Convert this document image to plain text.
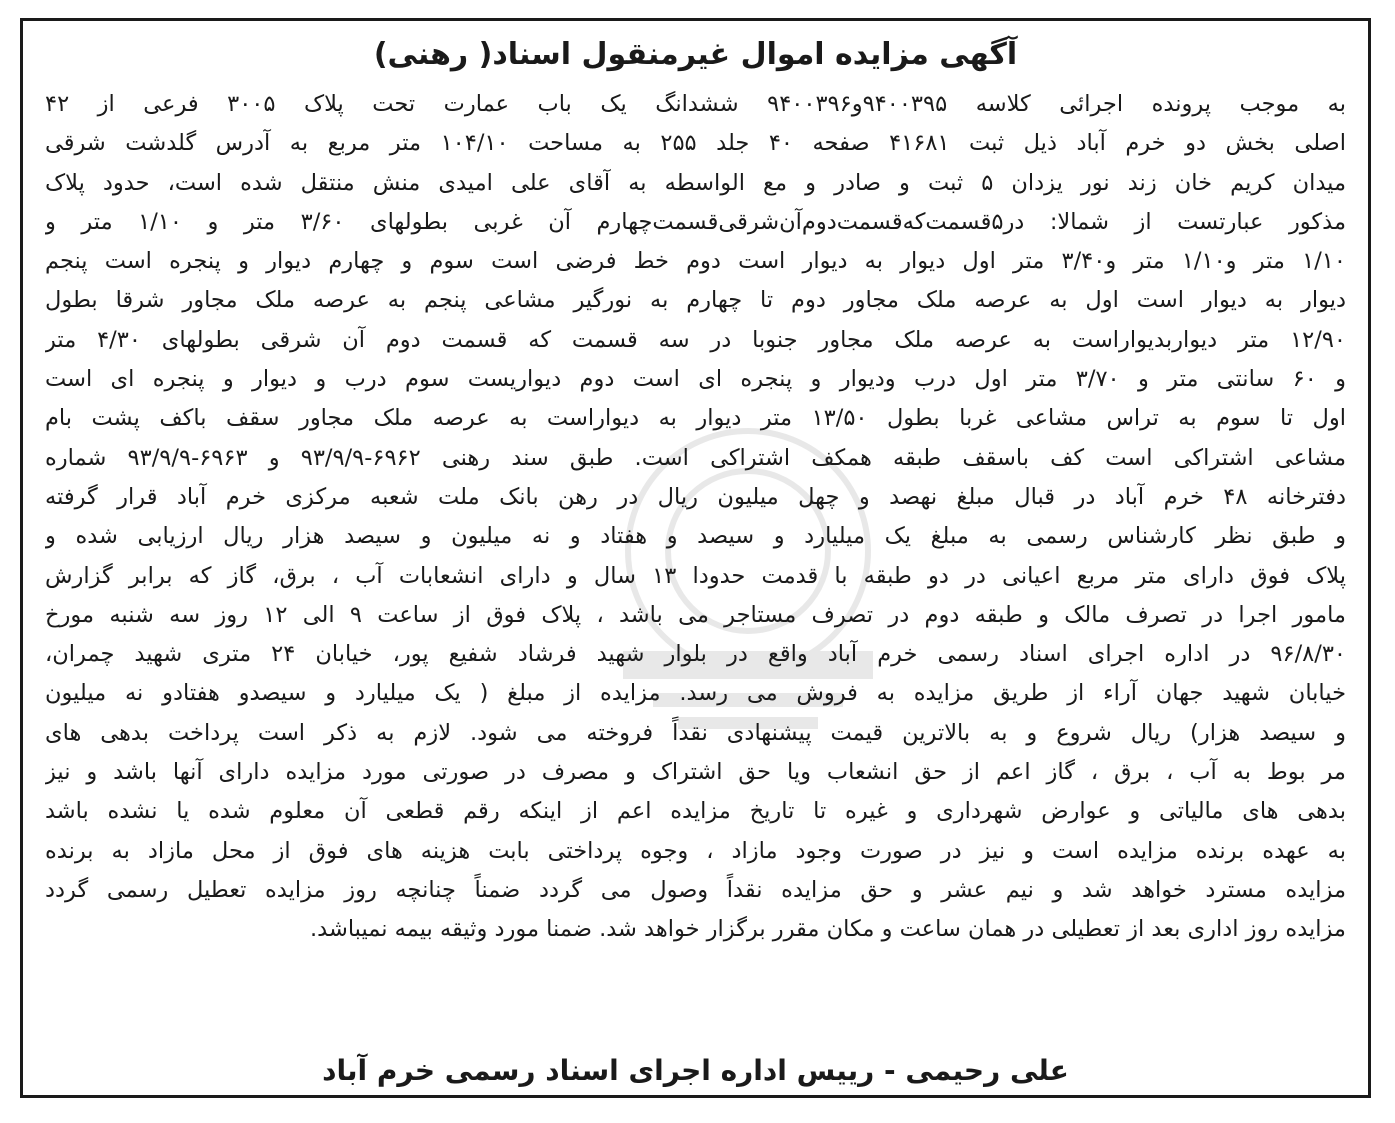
آگهی مزایده اموال غیرمنقول اسناد( رهنی)
به موجب پرونده اجرائی کلاسه ۹۴۰۰۳۹۵و۹۴۰۰۳۹۶ ششدانگ یک باب عمارت تحت پلاک ۳۰۰۵ فرعی از ۴۲
اصلی بخش دو خرم آباد ذیل ثبت ۴۱۶۸۱ صفحه ۴۰ جلد ۲۵۵ به مساحت ۱۰۴/۱۰ متر مربع به آدرس گلدشت شرقی
میدان کریم خان زند نور یزدان ۵ ثبت و صادر و مع الواسطه به آقای علی امیدی منش منتقل شده است، حدود پلاک
مذکور عبارتست از شمالا: در۵قسمت‌که‌قسمت‌دوم‌آن‌شرقی‌قسمت‌چهارم آن غربی بطولهای ۳/۶۰ متر و ۱/۱۰ متر و
۱/۱۰ متر و۱/۱۰ متر و۳/۴۰ متر اول دیوار به دیوار است دوم خط فرضی است سوم و چهارم دیوار و پنجره است پنجم
دیوار به دیوار است اول به عرصه ملک مجاور دوم تا چهارم به نورگیر مشاعی پنجم به عرصه ملک مجاور شرقا بطول
۱۲/۹۰ متر دیواربدیواراست به عرصه ملک مجاور جنوبا در سه قسمت که قسمت دوم آن شرقی بطولهای ۴/۳۰ متر
و ۶۰ سانتی متر و ۳/۷۰ متر اول درب ودیوار و پنجره ای است دوم دیواریست سوم درب و دیوار و پنجره ای است
اول تا سوم به تراس مشاعی غربا بطول ۱۳/۵۰ متر دیوار به دیواراست به عرصه ملک مجاور سقف باکف پشت بام
مشاعی اشتراکی است کف باسقف طبقه همکف اشتراکی است. طبق سند رهنی ۶۹۶۲-۹۳/۹/۹ و ۶۹۶۳-۹۳/۹/۹ شماره
دفترخانه ۴۸ خرم آباد در قبال مبلغ نهصد و چهل میلیون ریال در رهن بانک ملت شعبه مرکزی خرم آباد قرار گرفته
و طبق نظر کارشناس رسمی به مبلغ یک میلیارد و سیصد و هفتاد و نه میلیون و سیصد هزار ریال ارزیابی شده و
پلاک فوق دارای متر مربع اعیانی در دو طبقه با قدمت حدودا ۱۳ سال و دارای انشعابات آب ، برق، گاز که برابر گزارش
مامور اجرا در تصرف مالک و طبقه دوم در تصرف مستاجر می باشد ، پلاک فوق از ساعت ۹ الی ۱۲ روز سه شنبه مورخ
۹۶/۸/۳۰ در اداره اجرای اسناد رسمی خرم آباد واقع در بلوار شهید فرشاد شفیع پور، خیابان ۲۴ متری شهید چمران،
خیابان شهید جهان آراء از طریق مزایده به فروش می رسد. مزایده از مبلغ ( یک میلیارد و سیصدو هفتادو نه میلیون
و سیصد هزار) ریال شروع و به بالاترین قیمت پیشنهادی نقداً فروخته می شود. لازم به ذکر است پرداخت بدهی های
مر بوط به آب ، برق ، گاز اعم از حق انشعاب ویا حق اشتراک و مصرف در صورتی مورد مزایده دارای آنها باشد و نیز
بدهی های مالیاتی و عوارض شهرداری و غیره تا تاریخ مزایده اعم از اینکه رقم قطعی آن معلوم شده یا نشده باشد
به عهده برنده مزایده است و نیز در صورت وجود مازاد ، وجوه پرداختی بابت هزینه های فوق از محل مازاد به برنده
مزایده مسترد خواهد شد و نیم عشر و حق مزایده نقداً وصول می گردد ضمناً چنانچه روز مزایده تعطیل رسمی گردد
مزایده روز اداری بعد از تعطیلی در همان ساعت و مکان مقرر برگزار خواهد شد. ضمنا مورد وثیقه بیمه نمیباشد.
علی رحیمی - رییس اداره اجرای اسناد رسمی خرم آباد
